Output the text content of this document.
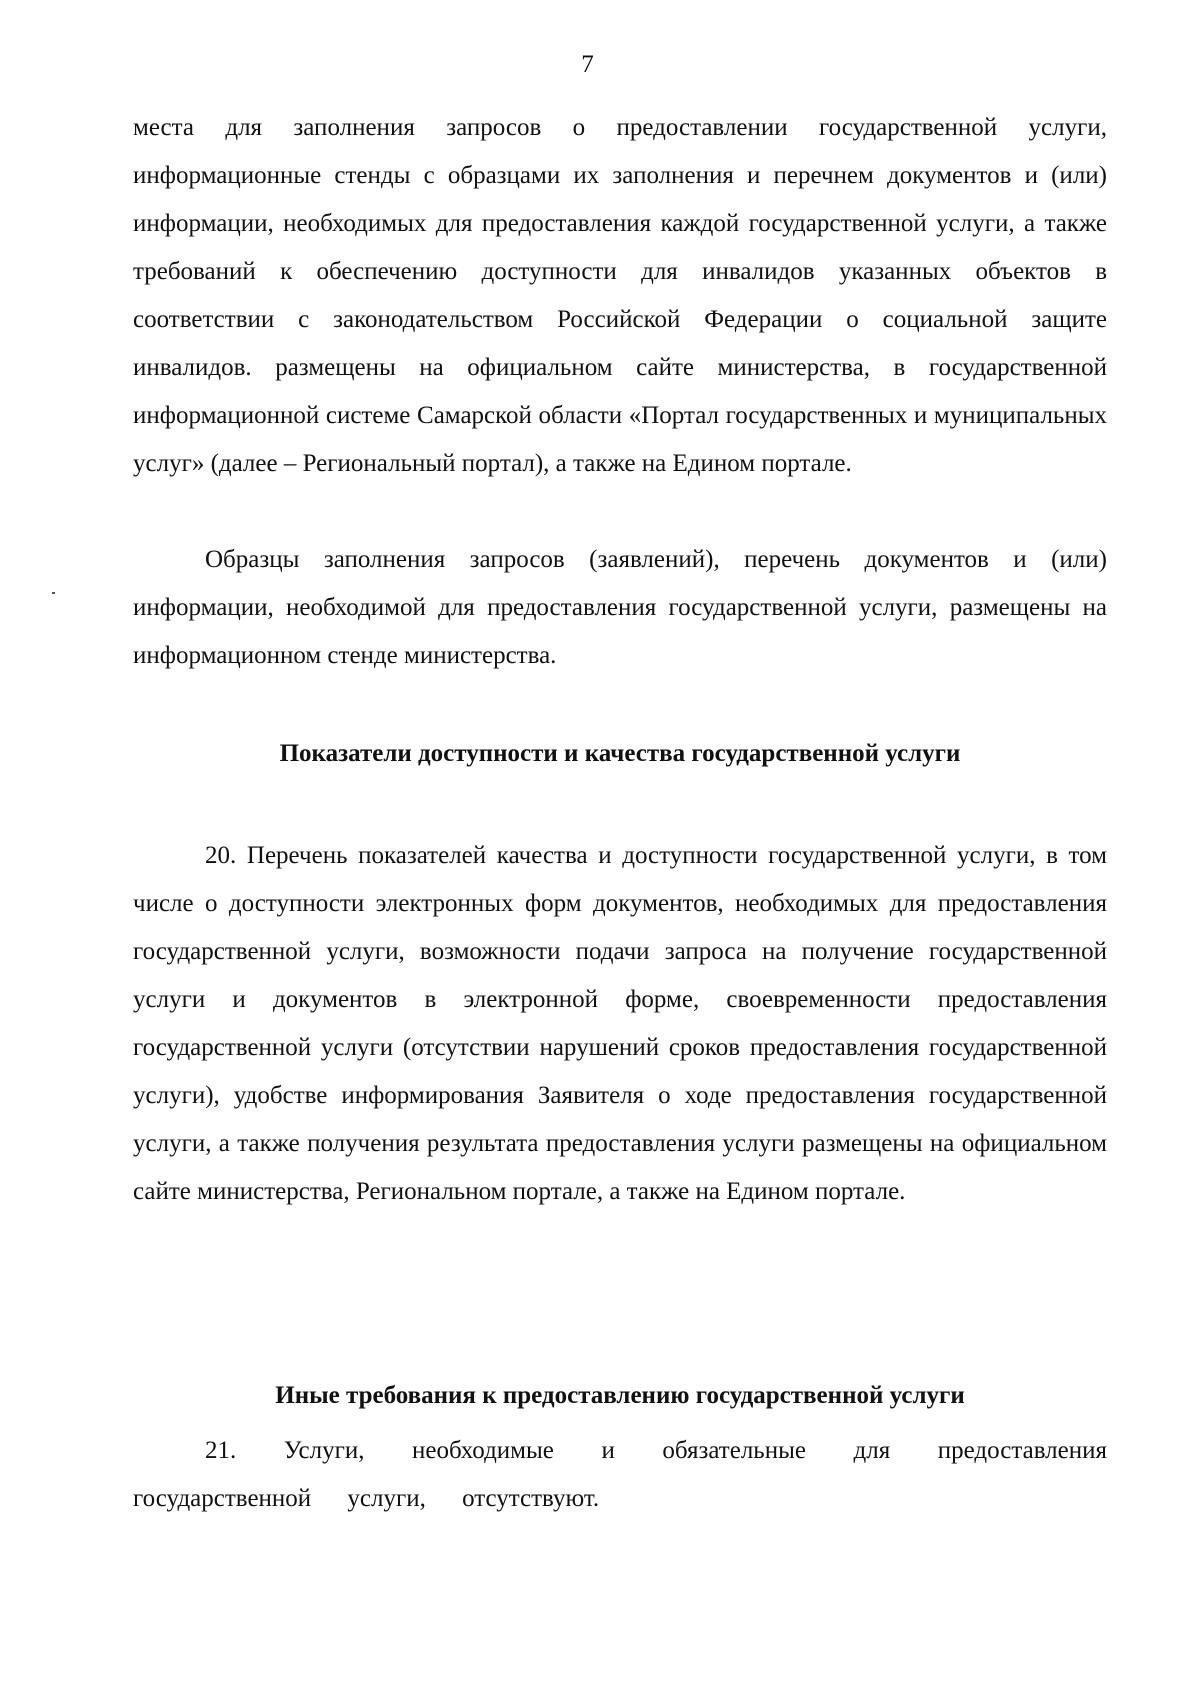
7

места для заполнения запросов о предоставлении государственной услуги, информационные стенды с образцами их заполнения и перечнем документов и (или) информации, необходимых для предоставления каждой государственной услуги, а также требований к обеспечению доступности для инвалидов указанных объектов в соответствии с законодательством Российской Федерации о социальной защите инвалидов. размещены на официальном сайте министерства, в государственной информационной системе Самарской области «Портал государственных и муниципальных услуг» (далее – Региональный портал), а также на Едином портале.

Образцы заполнения запросов (заявлений), перечень документов и (или) информации, необходимой для предоставления государственной услуги, размещены на информационном стенде министерства.

Показатели доступности и качества государственной услуги

20. Перечень показателей качества и доступности государственной услуги, в том числе о доступности электронных форм документов, необходимых для предоставления государственной услуги, возможности подачи запроса на получение государственной услуги и документов в электронной форме, своевременности предоставления государственной услуги (отсутствии нарушений сроков предоставления государственной услуги), удобстве информирования Заявителя о ходе предоставления государственной услуги, а также получения результата предоставления услуги размещены на официальном сайте министерства, Региональном портале, а также на Едином портале.

Иные требования к предоставлению государственной услуги

21. Услуги, необходимые и обязательные для предоставления государственной услуги, отсутствуют.
